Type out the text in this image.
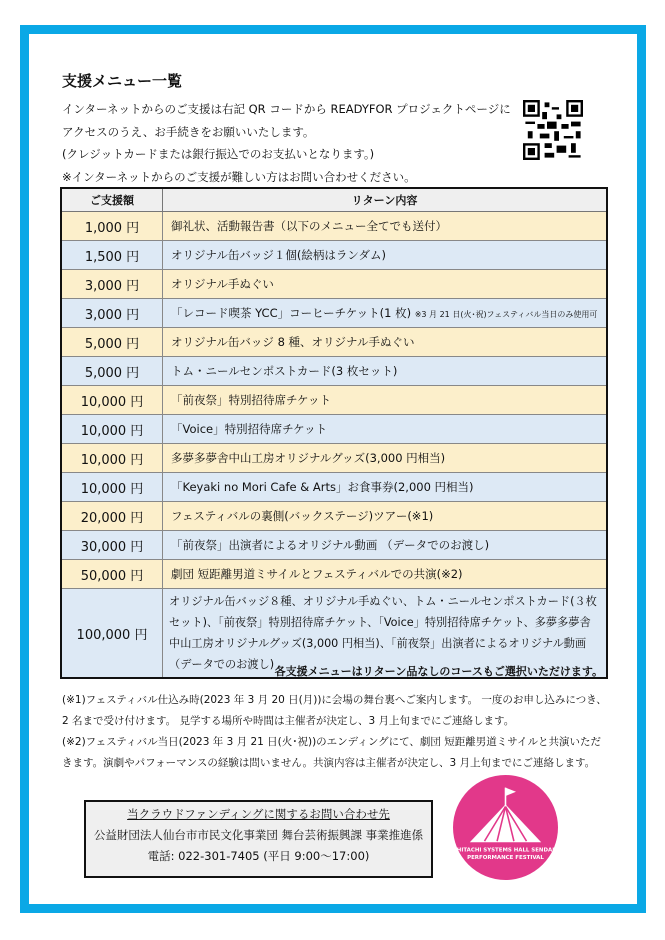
支援メニュー一覧
インターネットからのご支援は右記 QR コードから READYFOR プロジェクトページに
アクセスのうえ、お手続きをお願いいたします。
(クレジットカードまたは銀行振込でのお支払いとなります。)
※インターネットからのご支援が難しい方はお問い合わせください。
ご支援額	リターン内容
1,000 円	御礼状、活動報告書（以下のメニュー全てでも送付）
1,500 円	オリジナル缶バッジ１個(絵柄はランダム)
3,000 円	オリジナル手ぬぐい
3,000 円	「レコード喫茶 YCC」コーヒーチケット(1 枚) ※3 月 21 日(火･祝)フェスティバル当日のみ使用可
5,000 円	オリジナル缶バッジ 8 種、オリジナル手ぬぐい
5,000 円	トム・ニールセンポストカード(3 枚セット)
10,000 円	「前夜祭」特別招待席チケット
10,000 円	「Voice」特別招待席チケット
10,000 円	多夢多夢舎中山工房オリジナルグッズ(3,000 円相当)
10,000 円	「Keyaki no Mori Cafe & Arts」お食事券(2,000 円相当)
20,000 円	フェスティバルの裏側(バックステージ)ツアー(※1)
30,000 円	「前夜祭」出演者によるオリジナル動画 （データでのお渡し)
50,000 円	劇団 短距離男道ミサイルとフェスティバルでの共演(※2)
100,000 円	オリジナル缶バッジ８種、オリジナル手ぬぐい、トム・ニールセンポストカード(３枚セット)、「前夜祭」特別招待席チケット、「Voice」特別招待席チケット、多夢多夢舎中山工房オリジナルグッズ(3,000 円相当)、「前夜祭」出演者によるオリジナル動画 （データでのお渡し)
各支援メニューはリターン品なしのコースもご選択いただけます。
(※1)フェスティバル仕込み時(2023 年 3 月 20 日(月))に会場の舞台裏へご案内します。 一度のお申し込みにつき、2 名まで受け付けます。 見学する場所や時間は主催者が決定し、3 月上旬までにご連絡します。
(※2)フェスティバル当日(2023 年 3 月 21 日(火･祝))のエンディングにて、劇団 短距離男道ミサイルと共演いただきます。演劇やパフォーマンスの経験は問いません。共演内容は主催者が決定し、3 月上旬までにご連絡します。
当クラウドファンディングに関するお問い合わせ先
公益財団法人仙台市市民文化事業団 舞台芸術振興課 事業推進係
電話: 022-301-7405 (平日 9:00～17:00)	HITACHI SYSTEMS HALL SENDAI
PERFORMANCE FESTIVAL
